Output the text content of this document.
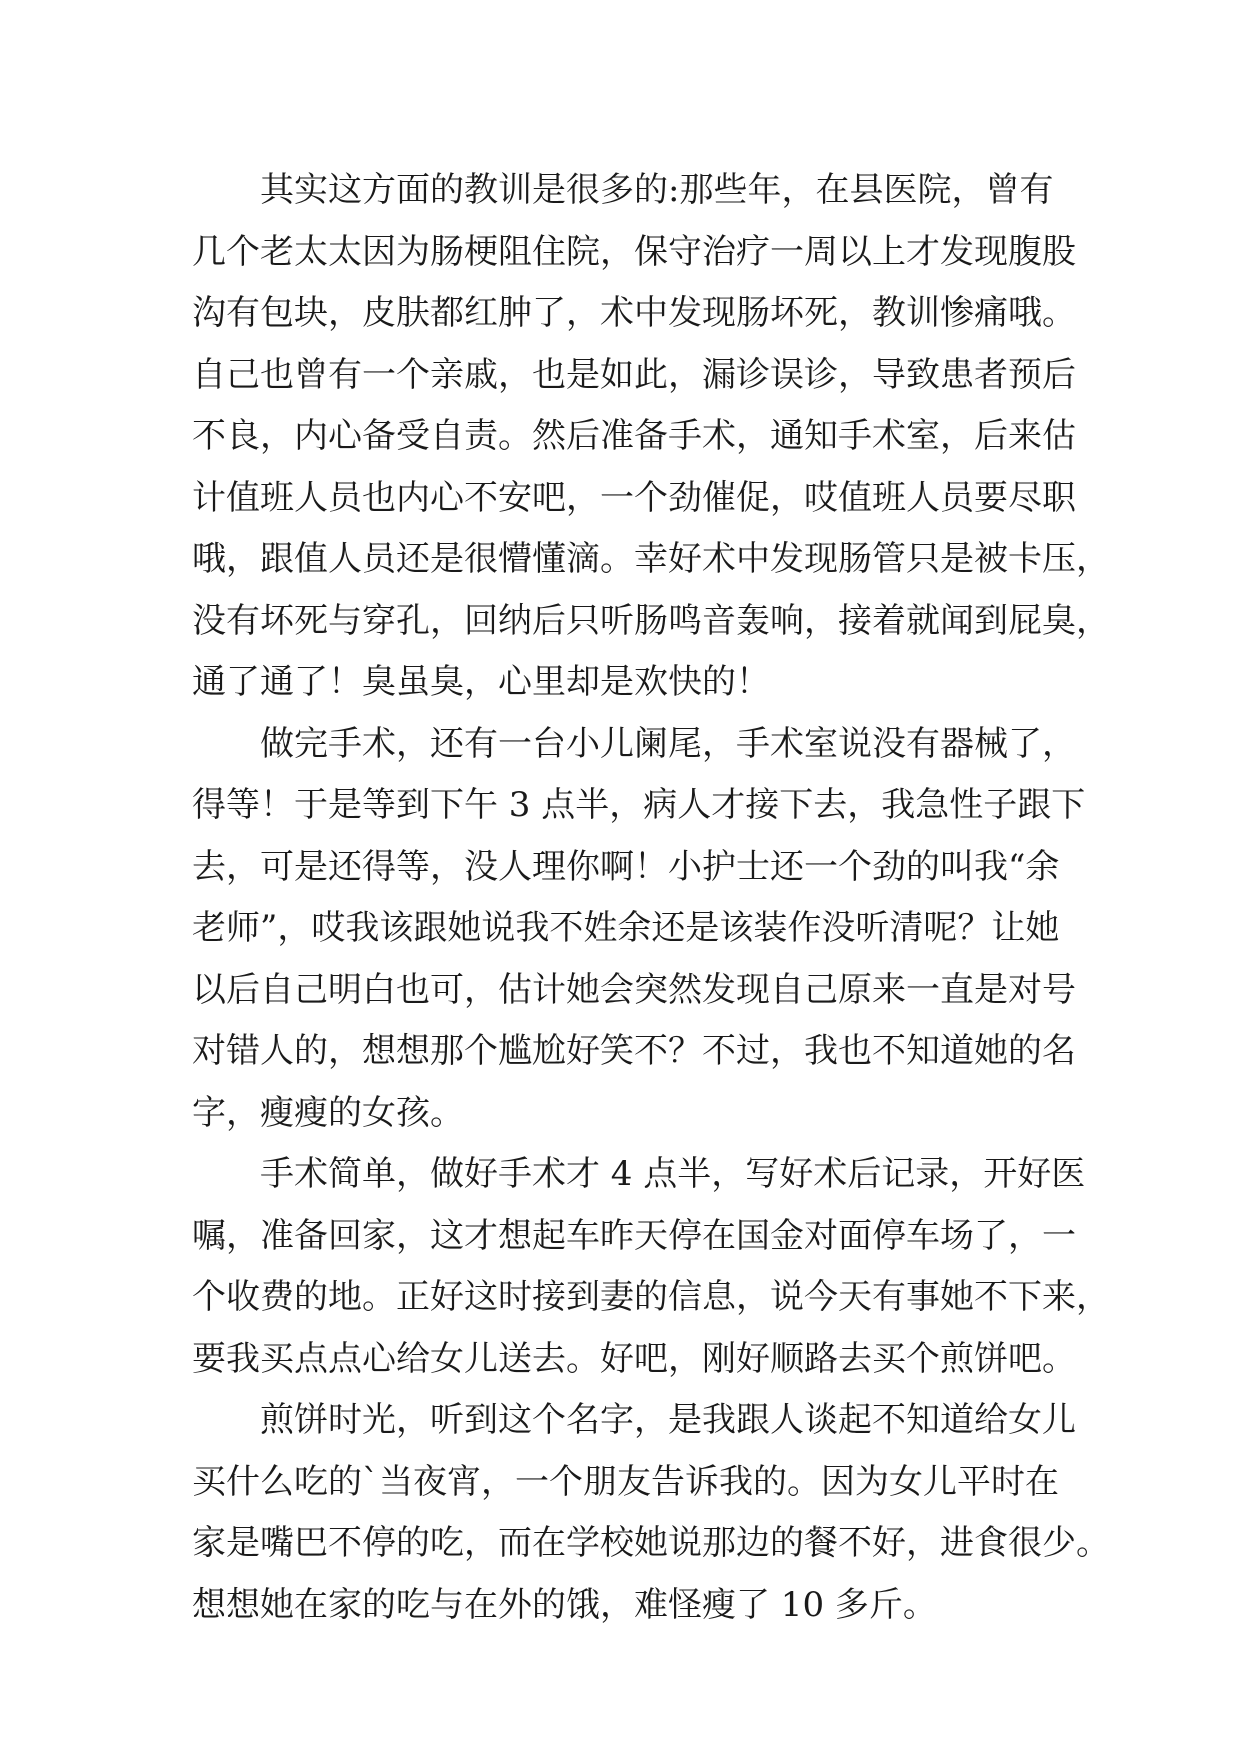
其实这方面的教训是很多的:那些年，在县医院，曾有
几个老太太因为肠梗阻住院，保守治疗一周以上才发现腹股
沟有包块，皮肤都红肿了，术中发现肠坏死，教训惨痛哦。
自己也曾有一个亲戚，也是如此，漏诊误诊，导致患者预后
不良，内心备受自责。然后准备手术，通知手术室，后来估
计值班人员也内心不安吧，一个劲催促，哎值班人员要尽职
哦，跟值人员还是很懵懂滴。幸好术中发现肠管只是被卡压，
没有坏死与穿孔，回纳后只听肠鸣音轰响，接着就闻到屁臭，
通了通了！臭虽臭，心里却是欢快的！
做完手术，还有一台小儿阑尾，手术室说没有器械了，
得等！于是等到下午 3 点半，病人才接下去，我急性子跟下
去，可是还得等，没人理你啊！小护士还一个劲的叫我“余
老师”，哎我该跟她说我不姓余还是该装作没听清呢？让她
以后自己明白也可，估计她会突然发现自己原来一直是对号
对错人的，想想那个尴尬好笑不？不过，我也不知道她的名
字，瘦瘦的女孩。
手术简单，做好手术才 4 点半，写好术后记录，开好医
嘱，准备回家，这才想起车昨天停在国金对面停车场了，一
个收费的地。正好这时接到妻的信息，说今天有事她不下来，
要我买点点心给女儿送去。好吧，刚好顺路去买个煎饼吧。
煎饼时光，听到这个名字，是我跟人谈起不知道给女儿
买什么吃的`当夜宵，一个朋友告诉我的。因为女儿平时在
家是嘴巴不停的吃，而在学校她说那边的餐不好，进食很少。
想想她在家的吃与在外的饿，难怪瘦了 10 多斤。
